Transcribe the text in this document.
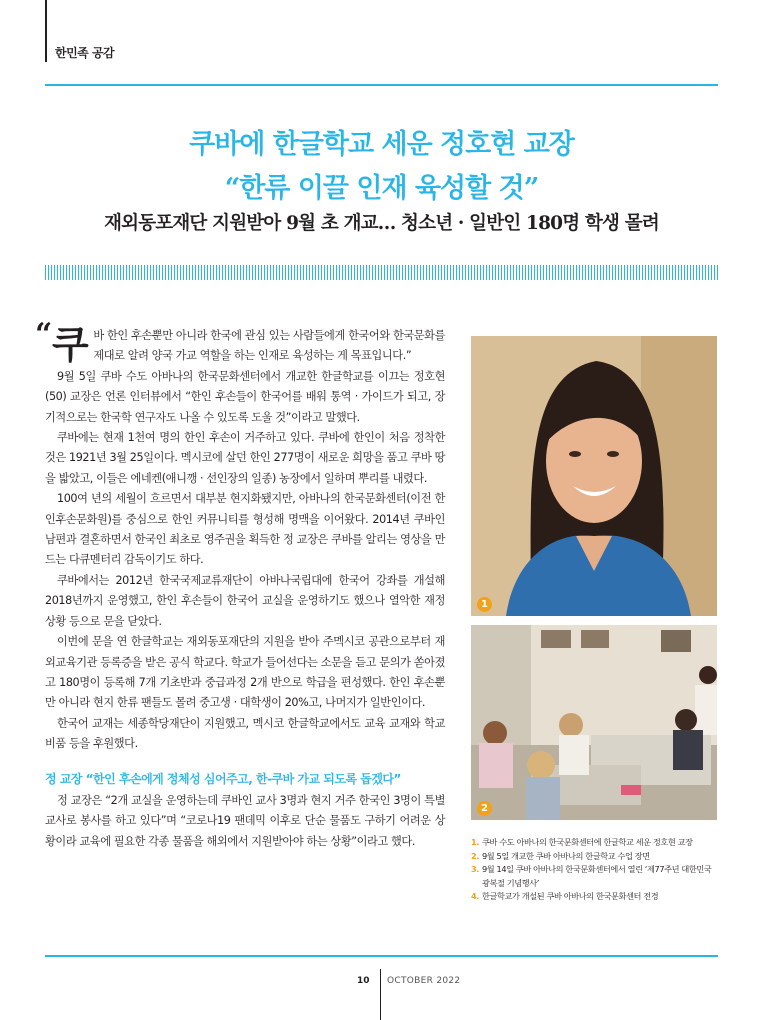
한민족 공감
쿠바에 한글학교 세운 정호현 교장
“한류 이끌 인재 육성할 것”
재외동포재단 지원받아 9월 초 개교… 청소년 · 일반인 180명 학생 몰려
“ 쿠바 한인 후손뿐만 아니라 한국에 관심 있는 사람들에게 한국어와 한국문화를 제대로 알려 양국 가교 역할을 하는 인재로 육성하는 게 목표입니다.”

9월 5일 쿠바 수도 아바나의 한국문화센터에서 개교한 한글학교를 이끄는 정호현(50) 교장은 언론 인터뷰에서 “한인 후손들이 한국어를 배워 통역 · 가이드가 되고, 장기적으로는 한국학 연구자도 나올 수 있도록 도울 것”이라고 말했다.

쿠바에는 현재 1천여 명의 한인 후손이 거주하고 있다. 쿠바에 한인이 처음 정착한 것은 1921년 3월 25일이다. 멕시코에 살던 한인 277명이 새로운 희망을 품고 쿠바 땅을 밟았고, 이들은 에네켄(애니깽 · 선인장의 일종) 농장에서 일하며 뿌리를 내렸다.

100여 년의 세월이 흐르면서 대부분 현지화됐지만, 아바나의 한국문화센터(이전 한인후손문화원)를 중심으로 한인 커뮤니티를 형성해 명맥을 이어왔다. 2014년 쿠바인 남편과 결혼하면서 한국인 최초로 영주권을 획득한 정 교장은 쿠바를 알리는 영상을 만드는 다큐멘터리 감독이기도 하다.

쿠바에서는 2012년 한국국제교류재단이 아바나국립대에 한국어 강좌를 개설해 2018년까지 운영했고, 한인 후손들이 한국어 교실을 운영하기도 했으나 열악한 재정 상황 등으로 문을 닫았다.

이번에 문을 연 한글학교는 재외동포재단의 지원을 받아 주멕시코 공관으로부터 재외교육기관 등록증을 받은 공식 학교다. 학교가 들어선다는 소문을 듣고 문의가 쏟아졌고 180명이 등록해 7개 기초반과 중급과정 2개 반으로 학급을 편성했다. 한인 후손뿐만 아니라 현지 한류 팬들도 몰려 중고생 · 대학생이 20%고, 나머지가 일반인이다.

한국어 교재는 세종학당재단이 지원했고, 멕시코 한글학교에서도 교육 교재와 학교 비품 등을 후원했다.

정 교장 “한인 후손에게 정체성 심어주고, 한-쿠바 가교 되도록 돕겠다”

정 교장은 “2개 교실을 운영하는데 쿠바인 교사 3명과 현지 거주 한국인 3명이 특별교사로 봉사를 하고 있다”며 “코로나19 팬데믹 이후로 단순 물품도 구하기 어려운 상황이라 교육에 필요한 각종 물품을 해외에서 지원받아야 하는 상황”이라고 했다.

1
2
1. 쿠바 수도 아바나의 한국문화센터에 한글학교 세운 정호현 교장
2. 9월 5일 개교한 쿠바 아바나의 한글학교 수업 장면
3. 9월 14일 쿠바 아바나의 한국문화센터에서 열린 ‘제77주년 대한민국 광복절 기념행사’
4. 한글학교가 개설된 쿠바 아바나의 한국문화센터 전경
10 OCTOBER 2022
